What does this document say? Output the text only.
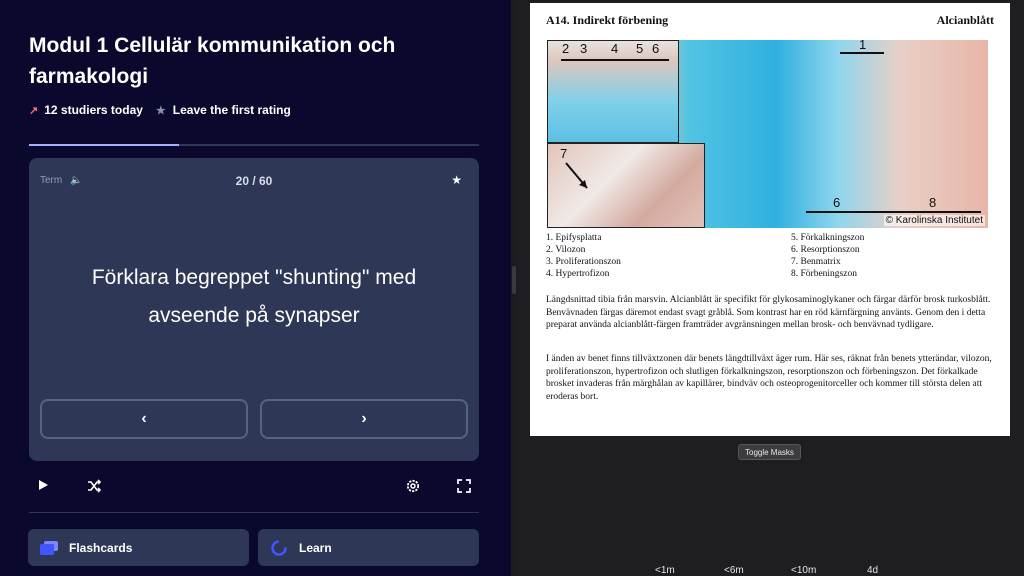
Modul 1 Cellulär kommunikation och farmakologi
↗ 12 studiers today ★ Leave the first rating
Term 🔈	20 / 60	★
Förklara begreppet "shunting" med avseende på synapser
‹	›
Flashcards	Learn
A14. Indirekt förbening	Alcianblått
2 3 4 5 6	1
7
6	8
© Karolinska Institutet
1. Epifysplatta	5. Förkalkningszon
2. Vilozon	6. Resorptionszon
3. Proliferationszon	7. Benmatrix
4. Hypertrofizon	8. Förbeningszon

Längdsnittad tibia från marsvin. Alcianblått är specifikt för glykosaminoglykaner och färgar därför brosk turkosblått. Benvävnaden färgas däremot endast svagt gråblå. Som kontrast har en röd kärnfärgning använts. Genom den i detta preparat använda alcianblått-färgen framträder avgränsningen mellan brosk- och benvävnad tydligare.

I änden av benet finns tillväxtzonen där benets längdtillväxt äger rum. Här ses, räknat från benets ytterändar, vilozon, proliferationszon, hypertrofizon och slutligen förkalkningszon, resorptionszon och förbeningszon. Det förkalkade brosket invaderas från märghålan av kapillärer, bindväv och osteoprogenitorceller och kommer till största delen att eroderas bort.

Toggle Masks
<1m	<6m	<10m	4d
